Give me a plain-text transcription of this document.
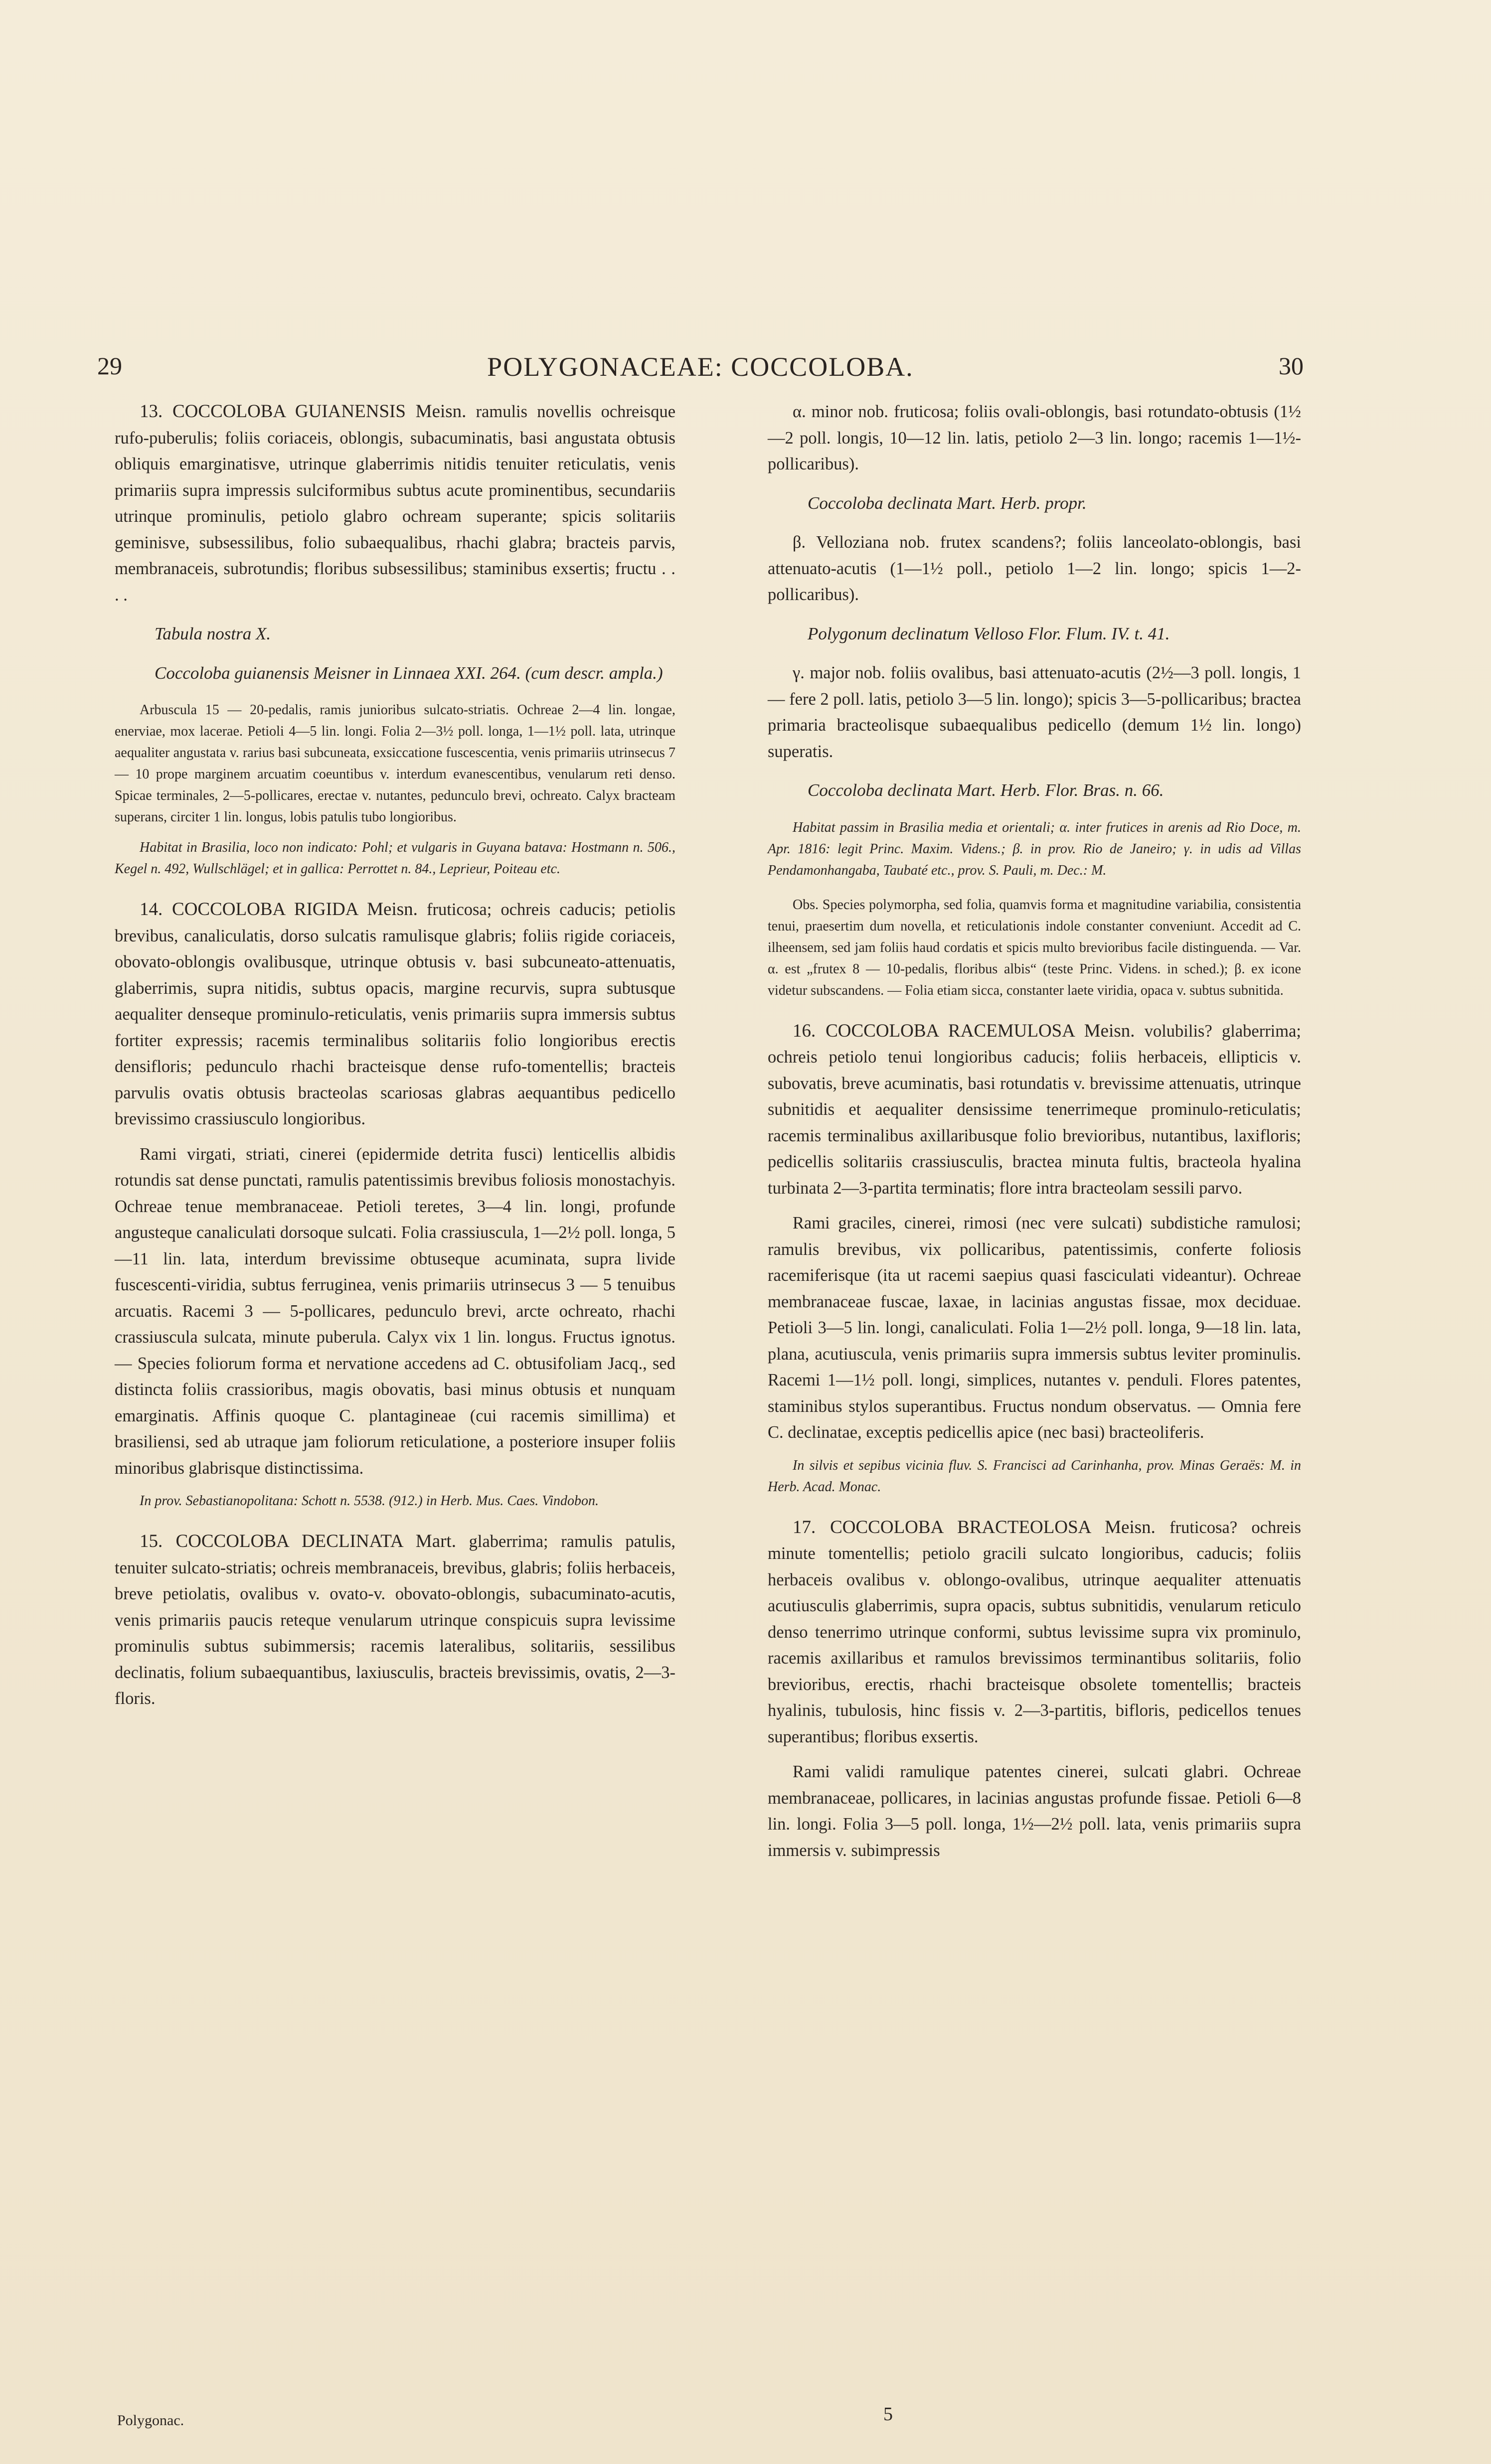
29	POLYGONACEAE: COCCOLOBA.	30

13. COCCOLOBA GUIANENSIS Meisn. ramulis novellis ochreisque rufo-puberulis; foliis coriaceis, oblongis, subacuminatis, basi angustata obtusis obliquis emarginatisve, utrinque glaberrimis nitidis tenuiter reticulatis, venis primariis supra impressis sulciformibus subtus acute prominentibus, secundariis utrinque prominulis, petiolo glabro ochream superante; spicis solitariis geminisve, subsessilibus, folio subaequalibus, rhachi glabra; bracteis parvis, membranaceis, subrotundis; floribus subsessilibus; staminibus exsertis; fructu . . . .

Tabula nostra X.

Coccoloba guianensis Meisner in Linnaea XXI. 264. (cum descr. ampla.)

Arbuscula 15 — 20-pedalis, ramis junioribus sulcato-striatis. Ochreae 2—4 lin. longae, enerviae, mox lacerae. Petioli 4—5 lin. longi. Folia 2—3½ poll. longa, 1—1½ poll. lata, utrinque aequaliter angustata v. rarius basi subcuneata, exsiccatione fuscescentia, venis primariis utrinsecus 7 — 10 prope marginem arcuatim coeuntibus v. interdum evanescentibus, venularum reti denso. Spicae terminales, 2—5-pollicares, erectae v. nutantes, pedunculo brevi, ochreato. Calyx bracteam superans, circiter 1 lin. longus, lobis patulis tubo longioribus.

Habitat in Brasilia, loco non indicato: Pohl; et vulgaris in Guyana batava: Hostmann n. 506., Kegel n. 492, Wullschlägel; et in gallica: Perrottet n. 84., Leprieur, Poiteau etc.

14. COCCOLOBA RIGIDA Meisn. fruticosa; ochreis caducis; petiolis brevibus, canaliculatis, dorso sulcatis ramulisque glabris; foliis rigide coriaceis, obovato-oblongis ovalibusque, utrinque obtusis v. basi subcuneato-attenuatis, glaberrimis, supra nitidis, subtus opacis, margine recurvis, supra subtusque aequaliter denseque prominulo-reticulatis, venis primariis supra immersis subtus fortiter expressis; racemis terminalibus solitariis folio longioribus erectis densifloris; pedunculo rhachi bracteisque dense rufo-tomentellis; bracteis parvulis ovatis obtusis bracteolas scariosas glabras aequantibus pedicello brevissimo crassiusculo longioribus.

Rami virgati, striati, cinerei (epidermide detrita fusci) lenticellis albidis rotundis sat dense punctati, ramulis patentissimis brevibus foliosis monostachyis. Ochreae tenue membranaceae. Petioli teretes, 3—4 lin. longi, profunde angusteque canaliculati dorsoque sulcati. Folia crassiuscula, 1—2½ poll. longa, 5—11 lin. lata, interdum brevissime obtuseque acuminata, supra livide fuscescenti-viridia, subtus ferruginea, venis primariis utrinsecus 3 — 5 tenuibus arcuatis. Racemi 3 — 5-pollicares, pedunculo brevi, arcte ochreato, rhachi crassiuscula sulcata, minute puberula. Calyx vix 1 lin. longus. Fructus ignotus. — Species foliorum forma et nervatione accedens ad C. obtusifoliam Jacq., sed distincta foliis crassioribus, magis obovatis, basi minus obtusis et nunquam emarginatis. Affinis quoque C. plantagineae (cui racemis simillima) et brasiliensi, sed ab utraque jam foliorum reticulatione, a posteriore insuper foliis minoribus glabrisque distinctissima.

In prov. Sebastianopolitana: Schott n. 5538. (912.) in Herb. Mus. Caes. Vindobon.

15. COCCOLOBA DECLINATA Mart. glaberrima; ramulis patulis, tenuiter sulcato-striatis; ochreis membranaceis, brevibus, glabris; foliis herbaceis, breve petiolatis, ovalibus v. ovato-v. obovato-oblongis, subacuminato-acutis, venis primariis paucis reteque venularum utrinque conspicuis supra levissime prominulis subtus subimmersis; racemis lateralibus, solitariis, sessilibus declinatis, folium subaequantibus, laxiusculis, bracteis brevissimis, ovatis, 2—3-floris.

Polygonac.

α. minor nob. fruticosa; foliis ovali-oblongis, basi rotundato-obtusis (1½—2 poll. longis, 10—12 lin. latis, petiolo 2—3 lin. longo; racemis 1—1½-pollicaribus).

Coccoloba declinata Mart. Herb. propr.

β. Velloziana nob. frutex scandens?; foliis lanceolato-oblongis, basi attenuato-acutis (1—1½ poll., petiolo 1—2 lin. longo; spicis 1—2-pollicaribus).

Polygonum declinatum Velloso Flor. Flum. IV. t. 41.

γ. major nob. foliis ovalibus, basi attenuato-acutis (2½—3 poll. longis, 1— fere 2 poll. latis, petiolo 3—5 lin. longo); spicis 3—5-pollicaribus; bractea primaria bracteolisque subaequalibus pedicello (demum 1½ lin. longo) superatis.

Coccoloba declinata Mart. Herb. Flor. Bras. n. 66.

Habitat passim in Brasilia media et orientali; α. inter frutices in arenis ad Rio Doce, m. Apr. 1816: legit Princ. Maxim. Videns.; β. in prov. Rio de Janeiro; γ. in udis ad Villas Pendamonhangaba, Taubaté etc., prov. S. Pauli, m. Dec.: M.

Obs. Species polymorpha, sed folia, quamvis forma et magnitudine variabilia, consistentia tenui, praesertim dum novella, et reticulationis indole constanter conveniunt. Accedit ad C. ilheensem, sed jam foliis haud cordatis et spicis multo brevioribus facile distinguenda. — Var. α. est „frutex 8 — 10-pedalis, floribus albis“ (teste Princ. Videns. in sched.); β. ex icone videtur subscandens. — Folia etiam sicca, constanter laete viridia, opaca v. subtus subnitida.

16. COCCOLOBA RACEMULOSA Meisn. volubilis? glaberrima; ochreis petiolo tenui longioribus caducis; foliis herbaceis, ellipticis v. subovatis, breve acuminatis, basi rotundatis v. brevissime attenuatis, utrinque subnitidis et aequaliter densissime tenerrimeque prominulo-reticulatis; racemis terminalibus axillaribusque folio brevioribus, nutantibus, laxifloris; pedicellis solitariis crassiusculis, bractea minuta fultis, bracteola hyalina turbinata 2—3-partita terminatis; flore intra bracteolam sessili parvo.

Rami graciles, cinerei, rimosi (nec vere sulcati) subdistiche ramulosi; ramulis brevibus, vix pollicaribus, patentissimis, conferte foliosis racemiferisque (ita ut racemi saepius quasi fasciculati videantur). Ochreae membranaceae fuscae, laxae, in lacinias angustas fissae, mox deciduae. Petioli 3—5 lin. longi, canaliculati. Folia 1—2½ poll. longa, 9—18 lin. lata, plana, acutiuscula, venis primariis supra immersis subtus leviter prominulis. Racemi 1—1½ poll. longi, simplices, nutantes v. penduli. Flores patentes, staminibus stylos superantibus. Fructus nondum observatus. — Omnia fere C. declinatae, exceptis pedicellis apice (nec basi) bracteoliferis.

In silvis et sepibus vicinia fluv. S. Francisci ad Carinhanha, prov. Minas Geraës: M. in Herb. Acad. Monac.

17. COCCOLOBA BRACTEOLOSA Meisn. fruticosa? ochreis minute tomentellis; petiolo gracili sulcato longioribus, caducis; foliis herbaceis ovalibus v. oblongo-ovalibus, utrinque aequaliter attenuatis acutiusculis glaberrimis, supra opacis, subtus subnitidis, venularum reticulo denso tenerrimo utrinque conformi, subtus levissime supra vix prominulo, racemis axillaribus et ramulos brevissimos terminantibus solitariis, folio brevioribus, erectis, rhachi bracteisque obsolete tomentellis; bracteis hyalinis, tubulosis, hinc fissis v. 2—3-partitis, bifloris, pedicellos tenues superantibus; floribus exsertis.

Rami validi ramulique patentes cinerei, sulcati glabri. Ochreae membranaceae, pollicares, in lacinias angustas profunde fissae. Petioli 6—8 lin. longi. Folia 3—5 poll. longa, 1½—2½ poll. lata, venis primariis supra immersis v. subimpressis

5
